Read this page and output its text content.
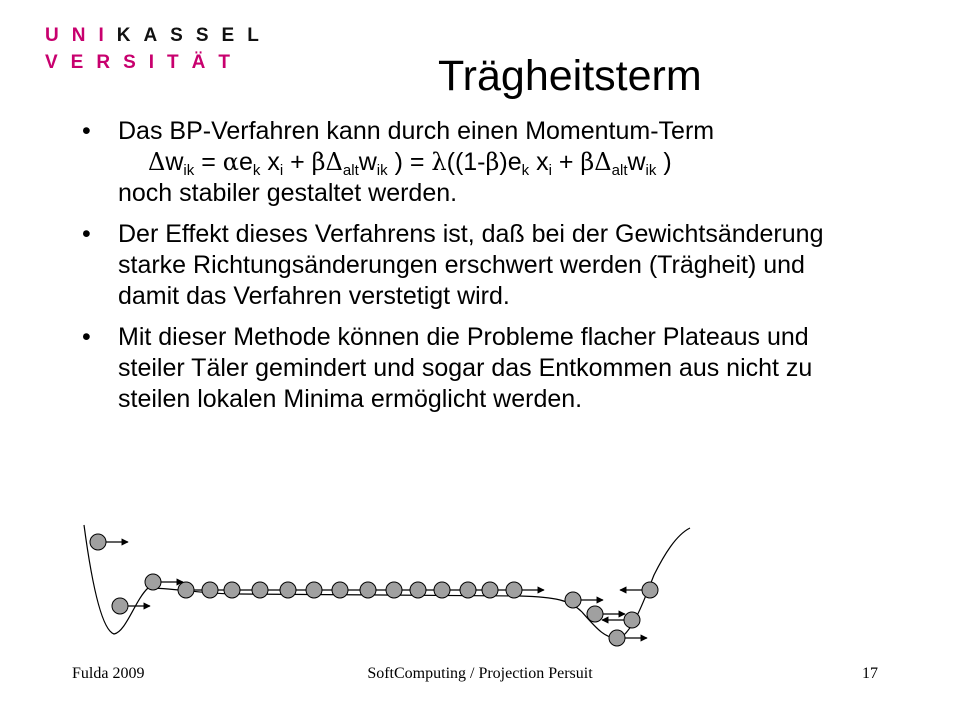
UNIKASSEL
VERSITÄT	Trägheitsterm
• Das BP-Verfahren kann durch einen Momentum-Term
$\Delta w_{ik} = \alpha e_k$ $x_i + \beta\Delta_{alt}w_{ik}$ ) = $\lambda((1-\beta)e_k$ $x_i + \beta\Delta_{alt}w_{ik}$ )
noch stabiler gestaltet werden.
• Der Effekt dieses Verfahrens ist, daß bei der Gewichtsänderung starke Richtungsänderungen erschwert werden (Trägheit) und damit das Verfahren verstetigt wird.
• Mit dieser Methode können die Probleme flacher Plateaus und steiler Täler gemindert und sogar das Entkommen aus nicht zu steilen lokalen Minima ermöglicht werden.
Fulda 2009	SoftComputing / Projection Persuit	17
